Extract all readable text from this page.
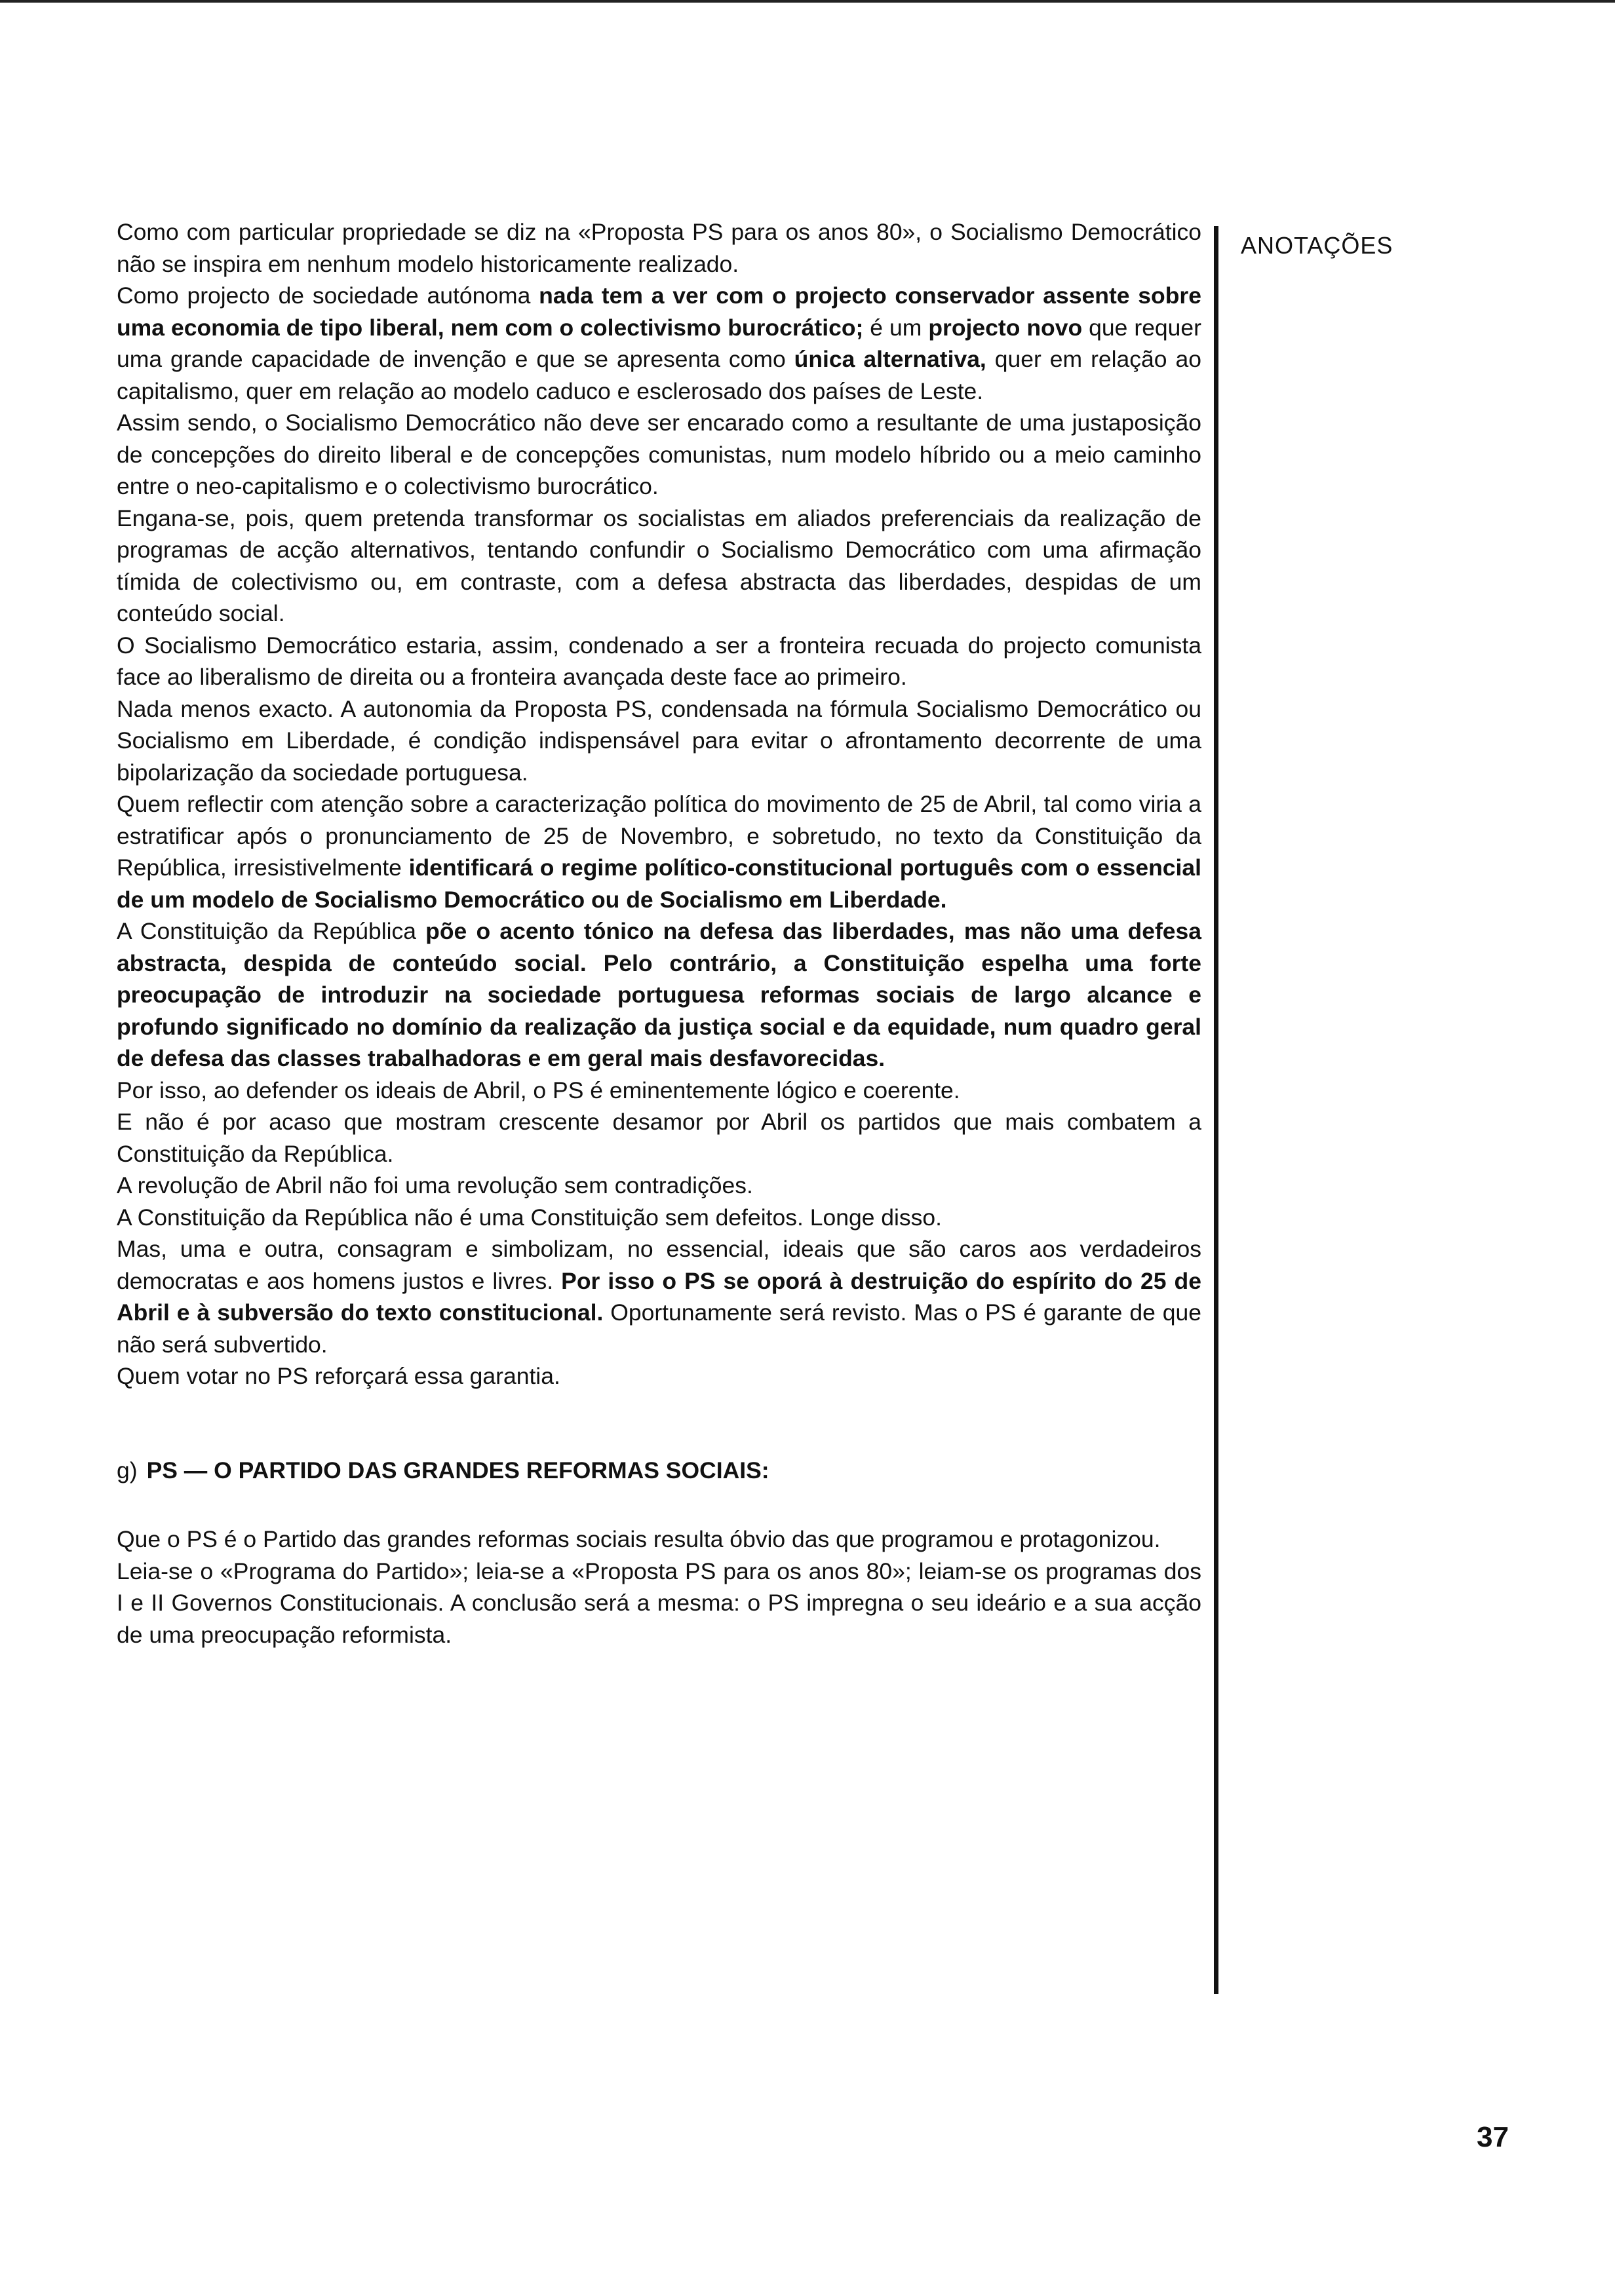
Como com particular propriedade se diz na «Proposta PS para os anos 80», o Socialismo Democrático não se inspira em nenhum modelo historicamente realizado.

Como projecto de sociedade autónoma nada tem a ver com o projecto conservador assente sobre uma economia de tipo liberal, nem com o colectivismo burocrático; é um projecto novo que requer uma grande capacidade de invenção e que se apresenta como única alternativa, quer em relação ao capitalismo, quer em relação ao modelo caduco e esclerosado dos países de Leste.

Assim sendo, o Socialismo Democrático não deve ser encarado como a resultante de uma justaposição de concepções do direito liberal e de concepções comunistas, num modelo híbrido ou a meio caminho entre o neo-capitalismo e o colectivismo burocrático.

Engana-se, pois, quem pretenda transformar os socialistas em aliados preferenciais da realização de programas de acção alternativos, tentando confundir o Socialismo Democrático com uma afirmação tímida de colectivismo ou, em contraste, com a defesa abstracta das liberdades, despidas de um conteúdo social.

O Socialismo Democrático estaria, assim, condenado a ser a fronteira recuada do projecto comunista face ao liberalismo de direita ou a fronteira avançada deste face ao primeiro.

Nada menos exacto. A autonomia da Proposta PS, condensada na fórmula Socialismo Democrático ou Socialismo em Liberdade, é condição indispensável para evitar o afrontamento decorrente de uma bipolarização da sociedade portuguesa.

Quem reflectir com atenção sobre a caracterização política do movimento de 25 de Abril, tal como viria a estratificar após o pronunciamento de 25 de Novembro, e sobretudo, no texto da Constituição da República, irresistivelmente identificará o regime político-constitucional português com o essencial de um modelo de Socialismo Democrático ou de Socialismo em Liberdade.

A Constituição da República põe o acento tónico na defesa das liberdades, mas não uma defesa abstracta, despida de conteúdo social. Pelo contrário, a Constituição espelha uma forte preocupação de introduzir na sociedade portuguesa reformas sociais de largo alcance e profundo significado no domínio da realização da justiça social e da equidade, num quadro geral de defesa das classes trabalhadoras e em geral mais desfavorecidas.

Por isso, ao defender os ideais de Abril, o PS é eminentemente lógico e coerente.

E não é por acaso que mostram crescente desamor por Abril os partidos que mais combatem a Constituição da República.

A revolução de Abril não foi uma revolução sem contradições.

A Constituição da República não é uma Constituição sem defeitos. Longe disso.

Mas, uma e outra, consagram e simbolizam, no essencial, ideais que são caros aos verdadeiros democratas e aos homens justos e livres. Por isso o PS se oporá à destruição do espírito do 25 de Abril e à subversão do texto constitucional. Oportunamente será revisto. Mas o PS é garante de que não será subvertido.

Quem votar no PS reforçará essa garantia.

g) PS — O PARTIDO DAS GRANDES REFORMAS SOCIAIS:

Que o PS é o Partido das grandes reformas sociais resulta óbvio das que programou e protagonizou.

Leia-se o «Programa do Partido»; leia-se a «Proposta PS para os anos 80»; leiam-se os programas dos I e II Governos Constitucionais. A conclusão será a mesma: o PS impregna o seu ideário e a sua acção de uma preocupação reformista.

ANOTAÇÕES
37
